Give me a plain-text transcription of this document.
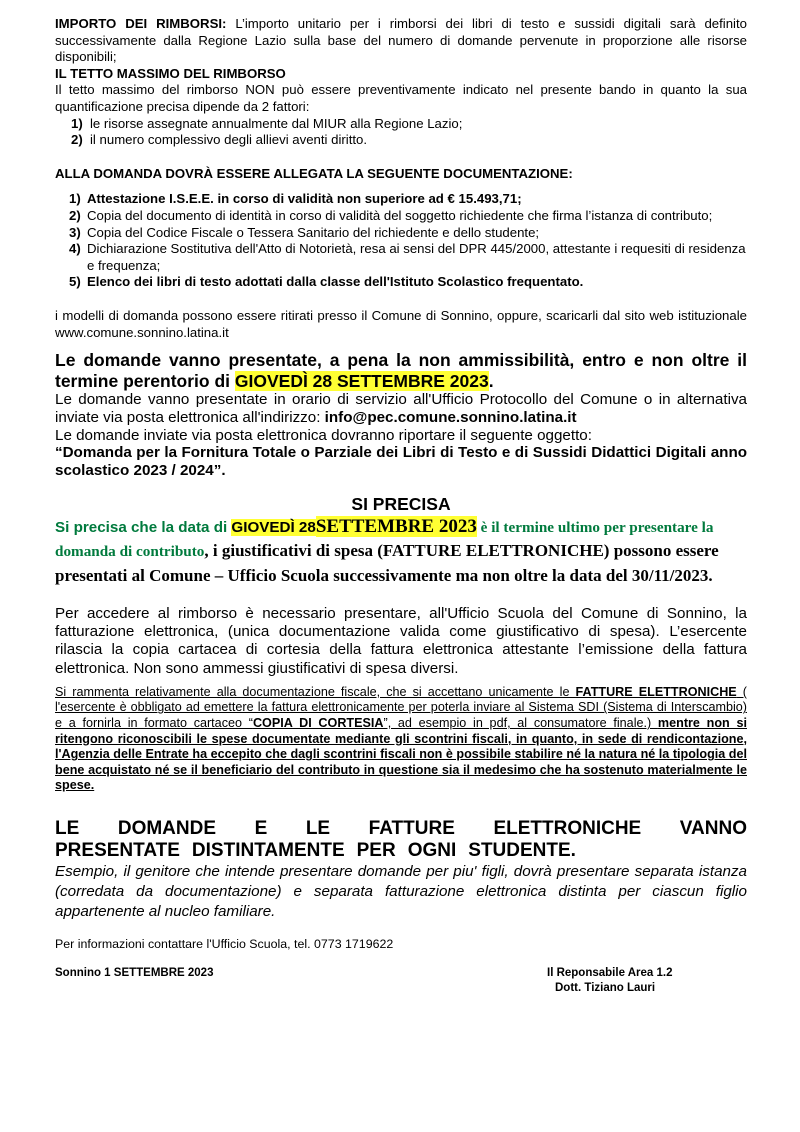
IMPORTO DEI RIMBORSI: L’importo unitario per i rimborsi dei libri di testo e sussidi digitali sarà definito successivamente dalla Regione Lazio sulla base del numero di domande pervenute in proporzione alle risorse disponibili;

IL TETTO MASSIMO DEL RIMBORSO

Il tetto massimo del rimborso NON può essere preventivamente indicato nel presente bando in quanto la sua quantificazione precisa dipende da 2 fattori:

1) le risorse assegnate annualmente dal MIUR alla Regione Lazio;
2) il numero complessivo degli allievi aventi diritto.

ALLA DOMANDA DOVRÀ ESSERE ALLEGATA LA SEGUENTE DOCUMENTAZIONE:

1) Attestazione I.S.E.E. in corso di validità non superiore ad € 15.493,71;
2) Copia del documento di identità in corso di validità del soggetto richiedente che firma l’istanza di contributo;
3) Copia del Codice Fiscale o Tessera Sanitario del richiedente e dello studente;
4) Dichiarazione Sostitutiva dell'Atto di Notorietà, resa ai sensi del DPR 445/2000, attestante i requesiti di residenza e frequenza;
5) Elenco dei libri di testo adottati dalla classe dell'Istituto Scolastico frequentato.

i modelli di domanda possono essere ritirati presso il Comune di Sonnino, oppure, scaricarli dal sito web istituzionale www.comune.sonnino.latina.it

Le domande vanno presentate, a pena la non ammissibilità, entro e non oltre il termine perentorio di GIOVEDÌ 28 SETTEMBRE 2023.

Le domande vanno presentate in orario di servizio all'Ufficio Protocollo del Comune o in alternativa inviate via posta elettronica all'indirizzo: info@pec.comune.sonnino.latina.it

Le domande inviate via posta elettronica dovranno riportare il seguente oggetto:

“Domanda per la Fornitura Totale o Parziale dei Libri di Testo e di Sussidi Didattici Digitali anno scolastico 2023 / 2024”.

SI PRECISA

Si precisa che la data di GIOVEDÌ 28SETTEMBRE 2023 è il termine ultimo per presentare la domanda di contributo, i giustificativi di spesa (FATTURE ELETTRONICHE) possono essere presentati al Comune – Ufficio Scuola successivamente ma non oltre la data del 30/11/2023.

Per accedere al rimborso è necessario presentare, all'Ufficio Scuola del Comune di Sonnino, la fatturazione elettronica, (unica documentazione valida come giustificativo di spesa). L’esercente rilascia la copia cartacea di cortesia della fattura elettronica attestante l’emissione della fattura elettronica. Non sono ammessi giustificativi di spesa diversi.

Si rammenta relativamente alla documentazione fiscale, che si accettano unicamente le FATTURE ELETTRONICHE ( l'esercente è obbligato ad emettere la fattura elettronicamente per poterla inviare al Sistema SDI (Sistema di Interscambio) e a fornirla in formato cartaceo “COPIA DI CORTESIA”, ad esempio in pdf, al consumatore finale.) mentre non si ritengono riconoscibili le spese documentate mediante gli scontrini fiscali, in quanto, in sede di rendicontazione, l'Agenzia delle Entrate ha eccepito che dagli scontrini fiscali non è possibile stabilire né la natura né la tipologia del bene acquistato né se il beneficiario del contributo in questione sia il medesimo che ha sostenuto materialmente le spese.

LE DOMANDE E LE FATTURE ELETTRONICHE VANNO
PRESENTATE DISTINTAMENTE PER OGNI STUDENTE.

Esempio, il genitore che intende presentare domande per piu' figli, dovrà presentare separata istanza (corredata da documentazione) e separata fatturazione elettronica distinta per ciascun figlio appartenente al nucleo familiare.

Per informazioni contattare l'Ufficio Scuola, tel. 0773 1719622

Sonnino 1 SETTEMBRE 2023	Il Reponsabile Area 1.2
Dott. Tiziano Lauri
